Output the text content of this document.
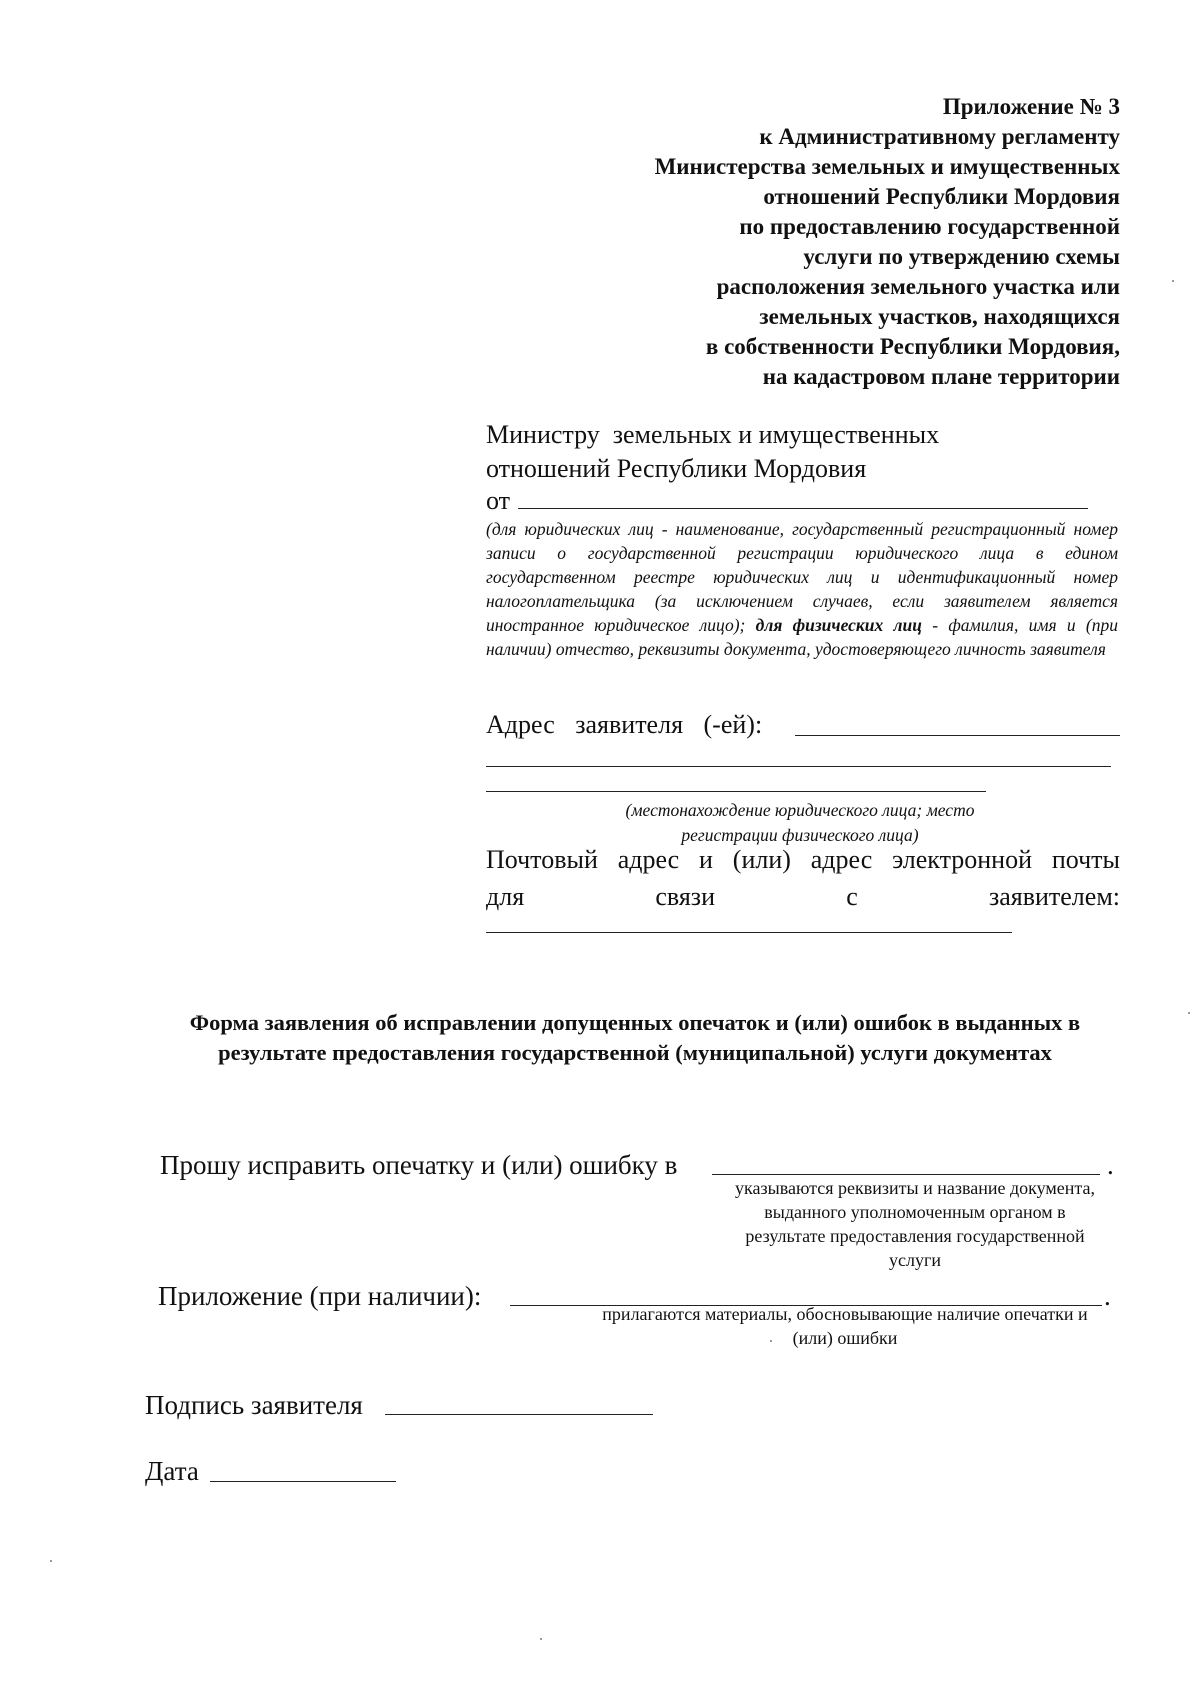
Приложение № 3
к Административному регламенту
Министерства земельных и имущественных
отношений Республики Мордовия
по предоставлению государственной
услуги по утверждению схемы
расположения земельного участка или
земельных участков, находящихся
в собственности Республики Мордовия,
на кадастровом плане территории
Министру  земельных и имущественных
отношений Республики Мордовия
от
(для юридических лиц - наименование, государственный регистрационный номер записи о государственной регистрации юридического лица в едином государственном реестре юридических лиц и идентификационный номер налогоплательщика (за исключением случаев, если заявителем является иностранное юридическое лицо); для физических лиц - фамилия, имя и (при наличии) отчество, реквизиты документа, удостоверяющего личность заявителя
Адрес заявителя (-ей):
(местонахождение юридического лица; место
регистрации физического лица)
Почтовый адрес и (или) адрес электронной почты
для связи с заявителем:
Форма заявления об исправлении допущенных опечаток и (или) ошибок в выданных в
результате предоставления государственной (муниципальной) услуги документах
Прошу исправить опечатку и (или) ошибку в	.
указываются реквизиты и название документа,
выданного уполномоченным органом в
результате предоставления государственной
услуги
Приложение (при наличии):	.
прилагаются материалы, обосновывающие наличие опечатки и
(или) ошибки
Подпись заявителя
Дата
